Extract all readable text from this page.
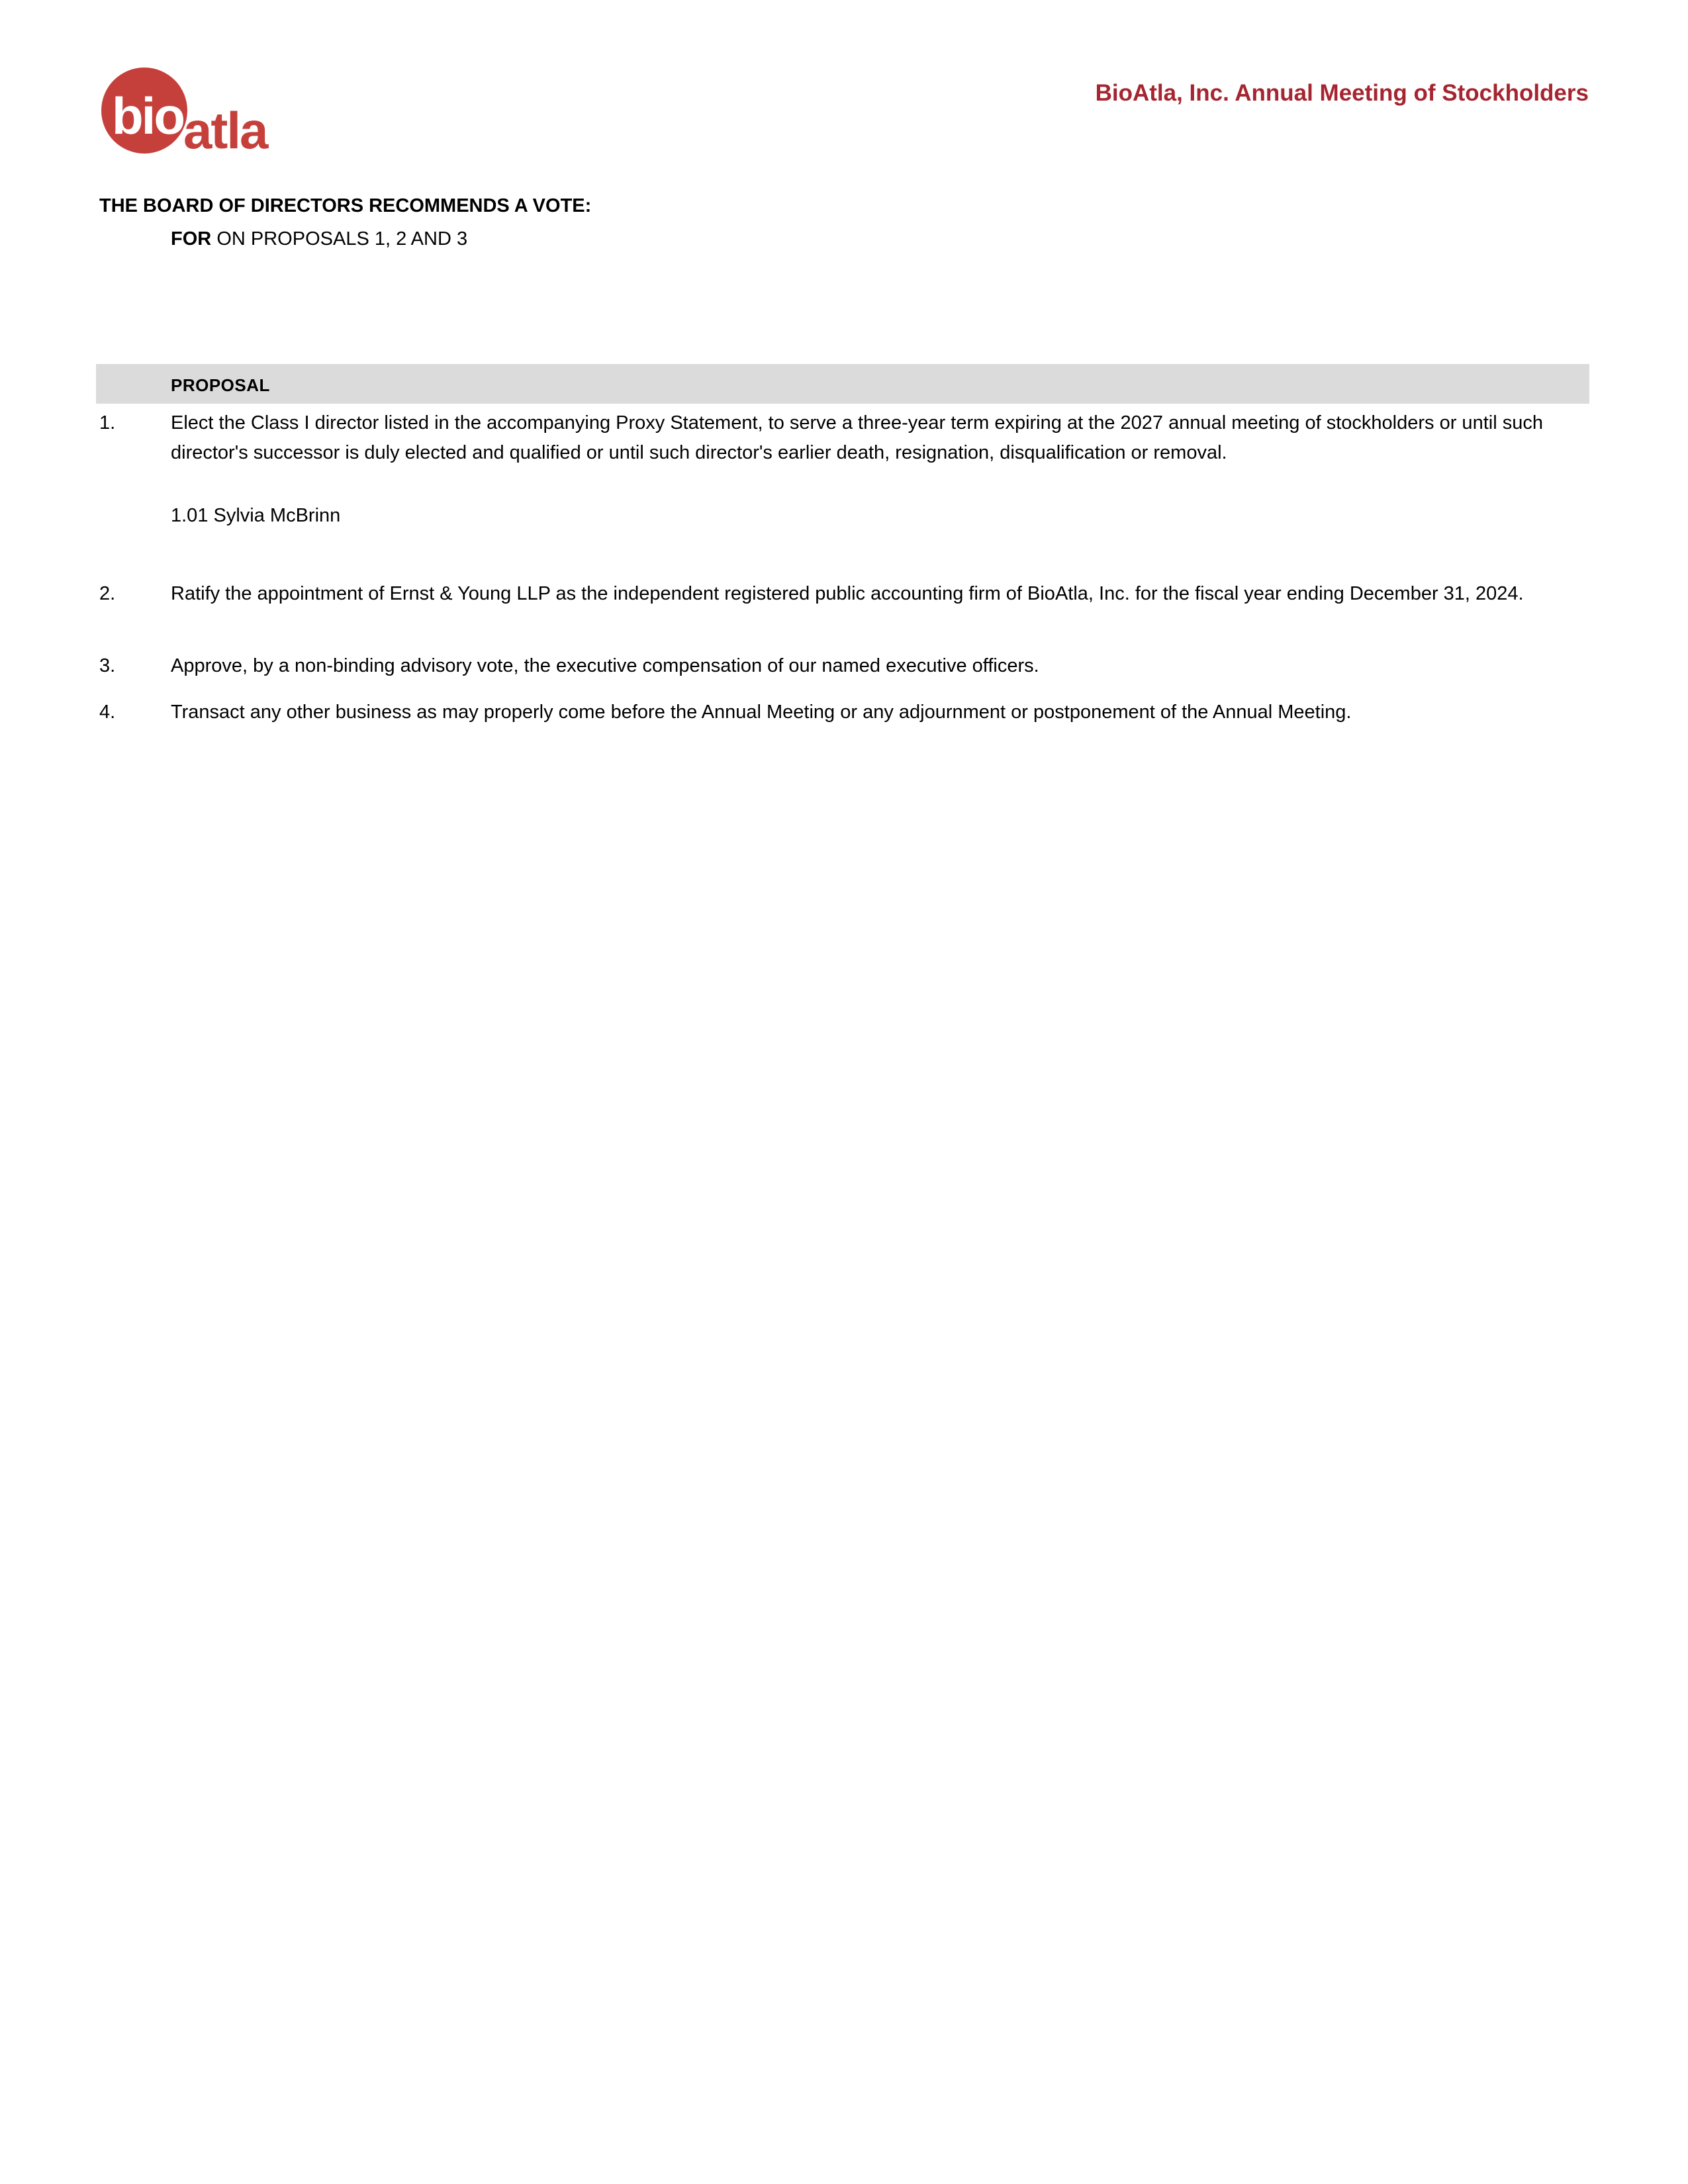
bio atla
BioAtla, Inc. Annual Meeting of Stockholders
THE BOARD OF DIRECTORS RECOMMENDS A VOTE:
FOR ON PROPOSALS 1, 2 AND 3
PROPOSAL
1.	Elect the Class I director listed in the accompanying Proxy Statement, to serve a three-year term expiring at the 2027 annual meeting of stockholders or until such director's successor is duly elected and qualified or until such director's earlier death, resignation, disqualification or removal.
1.01 Sylvia McBrinn
2.	Ratify the appointment of Ernst & Young LLP as the independent registered public accounting firm of BioAtla, Inc. for the fiscal year ending December 31, 2024.
3.	Approve, by a non-binding advisory vote, the executive compensation of our named executive officers.
4.	Transact any other business as may properly come before the Annual Meeting or any adjournment or postponement of the Annual Meeting.
